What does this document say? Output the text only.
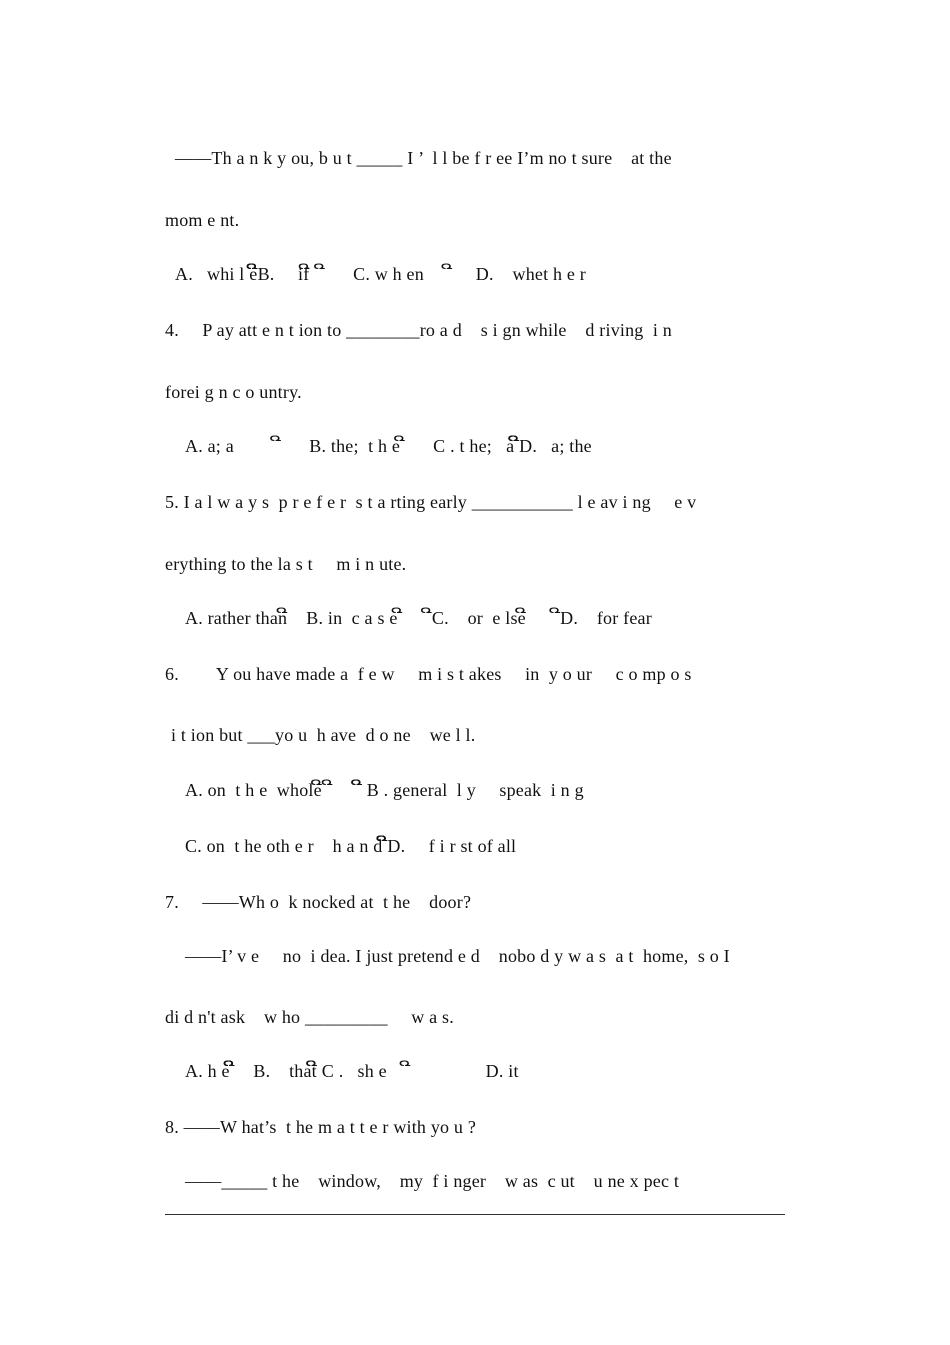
——Th a n k y ou, b u t _____ I ’  l l be f r ee I’m no t sure    at the
mom e nt.
A.   whi l eີີີB.     ifີ   ີ      C. w h en      ີ     D.    whet h e r
4.     P ay att e n t ion to ________ro a d    s i gn while    d riving  i n
forei g n c o untry.
A. a; a          ີ      B. the;  t h e ີ      C . t he;   a ີີີD.   a; the
5. I a l w a y s  p r e f e r  s t a rting early ___________ l e av i ng     e v
erything to the la s t     m i n ute.
A. rather thanີ    B. in  c a s e ີ      ີC.    or  e lseີ       ີD.    for fear
6.        Y ou have made a  f e w     m i s t akes     in  y o ur     c o mp o s
i t ion but ___yo u  h ave  d o ne    we l l.
A. on  t h e  wholeີ  ີ      ີີ B . general  l y     speak  i n g
C. on  t he oth e r    h a n d ີີີີD.     f i r st of all
7.     ——Wh o  k nocked at  t he    door?
——I’ v e     no  i dea. I just pretend e d    nobo d y w a s  a t  home,  s o I
di d n't ask    w ho _________     w a s.
A. h e ີີີ    B.    thatີີ C .   sh e     ີ                D. it
8. ——W hat’s  t he m a t t e r with yo u ?
——_____ t he    window,    my  f i nger    w as  c ut    u ne x pec t
